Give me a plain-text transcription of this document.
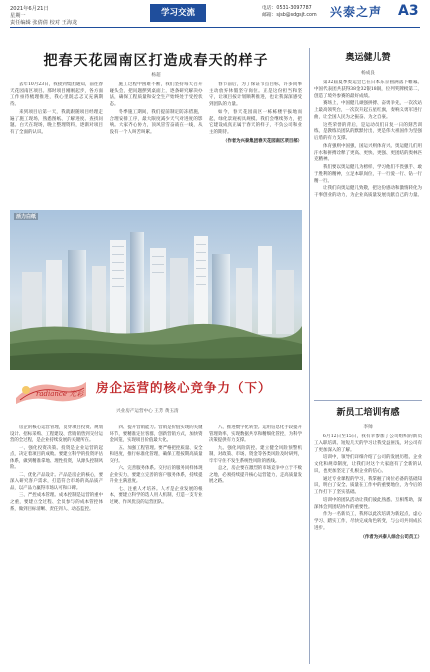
2021年6月21日
星期一
责任编辑 张倩倩 校对 王海龙
学习交流	电话：0531-3097787
邮箱：sjsb@sdgsjt.com 兴泰之声 A3
把春天花园南区打造成春天的样子
杨超

去年10月23日，我接到集团通知，前往春天花园南区项目。那时项目刚刚起步，各方面工作亟待梳理推进，我心里既忐忑又充满期待。

来到项目后第一天，我就跟随项目经理走遍了施工现场，熟悉图纸、了解进度、查找问题。白天在现场，晚上整理资料，逐渐对项目有了全面的认识。

施工过程中困难不断，我们坚持每天召开碰头会，把问题摆到桌面上，逐条研究解决办法，确保工程质量和安全生产始终处于受控状态。

冬季施工期间，我们提前制定防冻措施，合理安排工序，最大限度减少天气对进度的影响。大家齐心协力，顶风冒雪奋战在一线，从没有一个人叫苦叫累。

春节前后，为了保证节点目标，许多同事主动放弃休假坚守岗位。正是这份担当和坚守，让项目按计划顺利推进，也让我深深感受到团队的力量。

如今，春天花园南区一栋栋楼宇拔地而起，绿化景观初具规模。我们会继续努力，把它建设成真正属于春天的样子，不负公司和业主的期待。

（作者为兴泰集团春天花园南区项目部）
活力白纸
radiance 光彩 房企运营的核心竞争力（下）
兴业房产运营中心 王芳 黄玉清

房企的核心运营管理，贯穿项目投资、规划设计、招标采购、工程建设、营销销售到交付运营的全过程，是企业持续发展的关键所在。

一、强化投资决策。投资是企业运营的起点，决定着项目的成败。要建立科学的投资评估体系，做到精准拿地、理性投资，从源头控制风险。

二、优化产品设计。产品是房企的核心，要深入研究客户需求，打造符合市场的高品质产品，以产品力赢得市场认可和口碑。

三、严控成本管理。成本控制是运营的重中之重，要建立全过程、全员参与的成本管控体系，做到目标清晰、责任到人、动态监控。

四、提升营销能力。营销是价值实现的关键环节，要精准定位客群，创新营销方式，加快资金回笼，实现项目价值最大化。

五、加强工程管理。要严格把控质量、安全和进度，推行标准化管理，确保工程按期高质量交付。

六、完善服务体系。交付后的服务同样体现企业实力，要建立完善的客户服务体系，持续提升业主满意度。

七、注重人才培养。人才是企业发展的根本，要建立科学的选人用人机制，打造一支专业过硬、作风优良的运营团队。

八、推进数字化转型。运用信息化手段提升管理效率，实现数据共享和精细化管控，为科学决策提供有力支撑。

九、强化风险防控。建立健全风险预警机制，对政策、市场、资金等各类风险及时研判，牢牢守住不发生系统性风险的底线。

总之，房企要在激烈的市场竞争中立于不败之地，必须持续提升核心运营能力，走高质量发展之路。

奥运健儿赞
杨成良

第32届夏季奥运会已在日本东京圆满落下帷幕。中国代表团共获得38金32银18铜，位列奖牌榜第二，创造了境外参赛的最好成绩。

赛场上，中国健儿顽强拼搏、奋勇争先，一次次站上最高领奖台，一次次升起五星红旗，奏响义勇军进行曲，让全国人民为之振奋、为之自豪。

这些荣誉的背后，是运动员们日复一日的刻苦训练，是教练员团队的默默付出，更是伟大祖国作为坚强后盾的有力支撑。

体育强则中国强，国运兴则体育兴。奥运健儿们用汗水和拼搏诠释了更高、更快、更强、更团结的奥林匹克精神。

我们要以奥运健儿为榜样，学习他们不畏强手、敢于胜利的精神，立足本职岗位，干一行爱一行、钻一行精一行。

让我们向奥运健儿致敬，把这份感动和激情转化为干事创业的动力，为企业高质量发展贡献自己的力量。

新员工培训有感
李帅

6月12日至15日，我有幸参加了公司组织的新员工入职培训。短短几天的学习让我受益匪浅，对公司有了更加深入的了解。

培训中，领导们详细介绍了公司的发展历程、企业文化和规章制度，让我们对这个大家庭有了全新的认识，也更加坚定了扎根企业的信心。

通过专业课程的学习，我掌握了岗位必备的基础知识，明白了安全、质量在工作中的重要地位，为今后的工作打下了坚实基础。

培训中的团队活动让我们彼此熟悉、互相帮助，深深体会到团结协作的重要性。

作为一名新员工，我将以此次培训为新起点，虚心学习、踏实工作，尽快完成角色转变，与公司共同成长进步。

（作者为兴泰人综合公司员工）
